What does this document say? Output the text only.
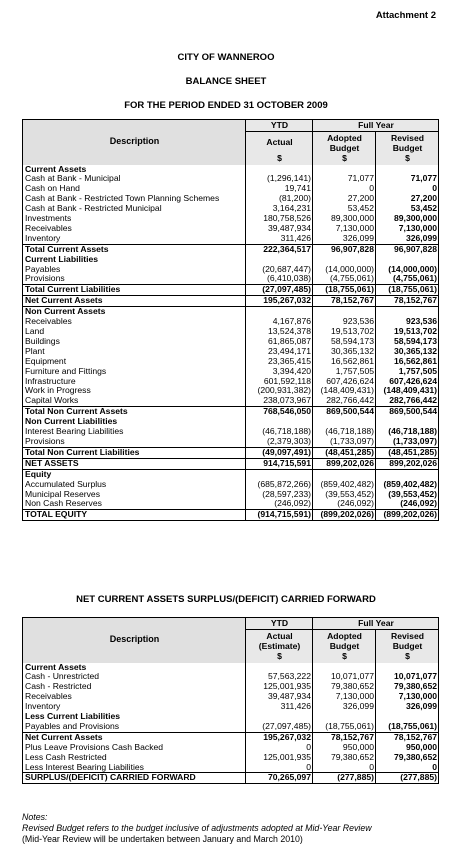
Attachment 2
CITY OF WANNEROO
BALANCE SHEET
FOR THE PERIOD ENDED 31 OCTOBER 2009
Description	YTD	Full Year	
	Actual	Adopted Budget	Revised Budget
	$	$	$
Current Assets			
Cash at Bank - Municipal	(1,296,141)	71,077	71,077
Cash on Hand	19,741	0	0
Cash at Bank - Restricted Town Planning Schemes	(81,200)	27,200	27,200
Cash at Bank - Restricted Municipal	3,164,231	53,452	53,452
Investments	180,758,526	89,300,000	89,300,000
Receivables	39,487,934	7,130,000	7,130,000
Inventory	311,426	326,099	326,099
Total Current Assets	222,364,517	96,907,828	96,907,828
Current Liabilities			
Payables	(20,687,447)	(14,000,000)	(14,000,000)
Provisions	(6,410,038)	(4,755,061)	(4,755,061)
Total Current Liabilities	(27,097,485)	(18,755,061)	(18,755,061)
Net Current Assets	195,267,032	78,152,767	78,152,767
Non Current Assets			
Receivables	4,167,876	923,536	923,536
Land	13,524,378	19,513,702	19,513,702
Buildings	61,865,087	58,594,173	58,594,173
Plant	23,494,171	30,365,132	30,365,132
Equipment	23,365,415	16,562,861	16,562,861
Furniture and Fittings	3,394,420	1,757,505	1,757,505
Infrastructure	601,592,118	607,426,624	607,426,624
Work in Progress	(200,931,382)	(148,409,431)	(148,409,431)
Capital Works	238,073,967	282,766,442	282,766,442
Total Non Current Assets	768,546,050	869,500,544	869,500,544
Non Current Liabilities			
Interest Bearing Liabilities	(46,718,188)	(46,718,188)	(46,718,188)
Provisions	(2,379,303)	(1,733,097)	(1,733,097)
Total Non Current Liabilities	(49,097,491)	(48,451,285)	(48,451,285)
NET ASSETS	914,715,591	899,202,026	899,202,026
Equity			
Accumulated Surplus	(685,872,266)	(859,402,482)	(859,402,482)
Municipal Reserves	(28,597,233)	(39,553,452)	(39,553,452)
Non Cash Reserves	(246,092)	(246,092)	(246,092)
TOTAL EQUITY	(914,715,591)	(899,202,026)	(899,202,026)
NET CURRENT ASSETS SURPLUS/(DEFICIT) CARRIED FORWARD
Description	YTD	Full Year	
	Actual (Estimate)	Adopted Budget	Revised Budget
	$	$	$
Current Assets			
Cash - Unrestricted	57,563,222	10,071,077	10,071,077
Cash - Restricted	125,001,935	79,380,652	79,380,652
Receivables	39,487,934	7,130,000	7,130,000
Inventory	311,426	326,099	326,099
Less Current Liabilities			
Payables and Provisions	(27,097,485)	(18,755,061)	(18,755,061)
Net Current Assets	195,267,032	78,152,767	78,152,767
Plus Leave Provisions Cash Backed	0	950,000	950,000
Less Cash Restricted	125,001,935	79,380,652	79,380,652
Less Interest Bearing Liabilities	0	0	0
SURPLUS/(DEFICIT) CARRIED FORWARD	70,265,097	(277,885)	(277,885)
Notes:
Revised Budget refers to the budget inclusive of adjustments adopted at Mid-Year Review
(Mid-Year Review will be undertaken between January and March 2010)
